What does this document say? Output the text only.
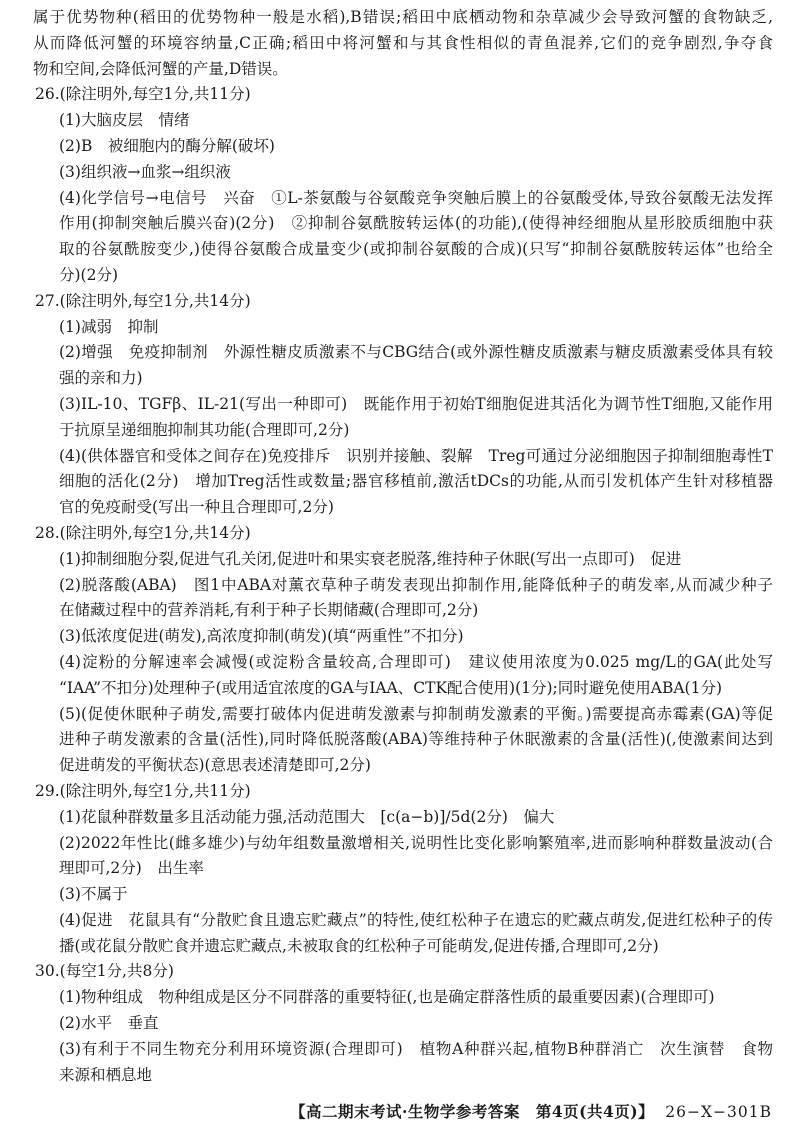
属于优势物种(稻田的优势物种一般是水稻),B错误;稻田中底栖动物和杂草减少会导致河蟹的食物缺乏,
从而降低河蟹的环境容纳量,C正确;稻田中将河蟹和与其食性相似的青鱼混养,它们的竞争剧烈,争夺食
物和空间,会降低河蟹的产量,D错误。
26.(除注明外,每空1分,共11分)
(1)大脑皮层　情绪
(2)B　被细胞内的酶分解(破坏)
(3)组织液→血浆→组织液
(4)化学信号→电信号　兴奋　①L-茶氨酸与谷氨酸竞争突触后膜上的谷氨酸受体,导致谷氨酸无法发挥
作用(抑制突触后膜兴奋)(2分)　②抑制谷氨酰胺转运体(的功能),(使得神经细胞从星形胶质细胞中获
取的谷氨酰胺变少,)使得谷氨酸合成量变少(或抑制谷氨酸的合成)(只写“抑制谷氨酰胺转运体”也给全
分)(2分)
27.(除注明外,每空1分,共14分)
(1)减弱　抑制
(2)增强　免疫抑制剂　外源性糖皮质激素不与CBG结合(或外源性糖皮质激素与糖皮质激素受体具有较
强的亲和力)
(3)IL-10、TGFβ、IL-21(写出一种即可)　既能作用于初始T细胞促进其活化为调节性T细胞,又能作用
于抗原呈递细胞抑制其功能(合理即可,2分)
(4)(供体器官和受体之间存在)免疫排斥　识别并接触、裂解　Treg可通过分泌细胞因子抑制细胞毒性T
细胞的活化(2分)　增加Treg活性或数量;器官移植前,激活tDCs的功能,从而引发机体产生针对移植器
官的免疫耐受(写出一种且合理即可,2分)
28.(除注明外,每空1分,共14分)
(1)抑制细胞分裂,促进气孔关闭,促进叶和果实衰老脱落,维持种子休眠(写出一点即可)　促进
(2)脱落酸(ABA)　图1中ABA对薰衣草种子萌发表现出抑制作用,能降低种子的萌发率,从而减少种子
在储藏过程中的营养消耗,有利于种子长期储藏(合理即可,2分)
(3)低浓度促进(萌发),高浓度抑制(萌发)(填“两重性”不扣分)
(4)淀粉的分解速率会减慢(或淀粉含量较高,合理即可)　建议使用浓度为0.025 mg/L的GA(此处写
“IAA”不扣分)处理种子(或用适宜浓度的GA与IAA、CTK配合使用)(1分);同时避免使用ABA(1分)
(5)(促使休眠种子萌发,需要打破体内促进萌发激素与抑制萌发激素的平衡。)需要提高赤霉素(GA)等促
进种子萌发激素的含量(活性),同时降低脱落酸(ABA)等维持种子休眠激素的含量(活性)(,使激素间达到
促进萌发的平衡状态)(意思表述清楚即可,2分)
29.(除注明外,每空1分,共11分)
(1)花鼠种群数量多且活动能力强,活动范围大　[c(a−b)]/5d(2分)　偏大
(2)2022年性比(雌多雄少)与幼年组数量激增相关,说明性比变化影响繁殖率,进而影响种群数量波动(合
理即可,2分)　出生率
(3)不属于
(4)促进　花鼠具有“分散贮食且遗忘贮藏点”的特性,使红松种子在遗忘的贮藏点萌发,促进红松种子的传
播(或花鼠分散贮食并遗忘贮藏点,未被取食的红松种子可能萌发,促进传播,合理即可,2分)
30.(每空1分,共8分)
(1)物种组成　物种组成是区分不同群落的重要特征(,也是确定群落性质的最重要因素)(合理即可)
(2)水平　垂直
(3)有利于不同生物充分利用环境资源(合理即可)　植物A种群兴起,植物B种群消亡　次生演替　食物
来源和栖息地
【高二期末考试·生物学参考答案　第4页(共4页)】 26−X−301B
